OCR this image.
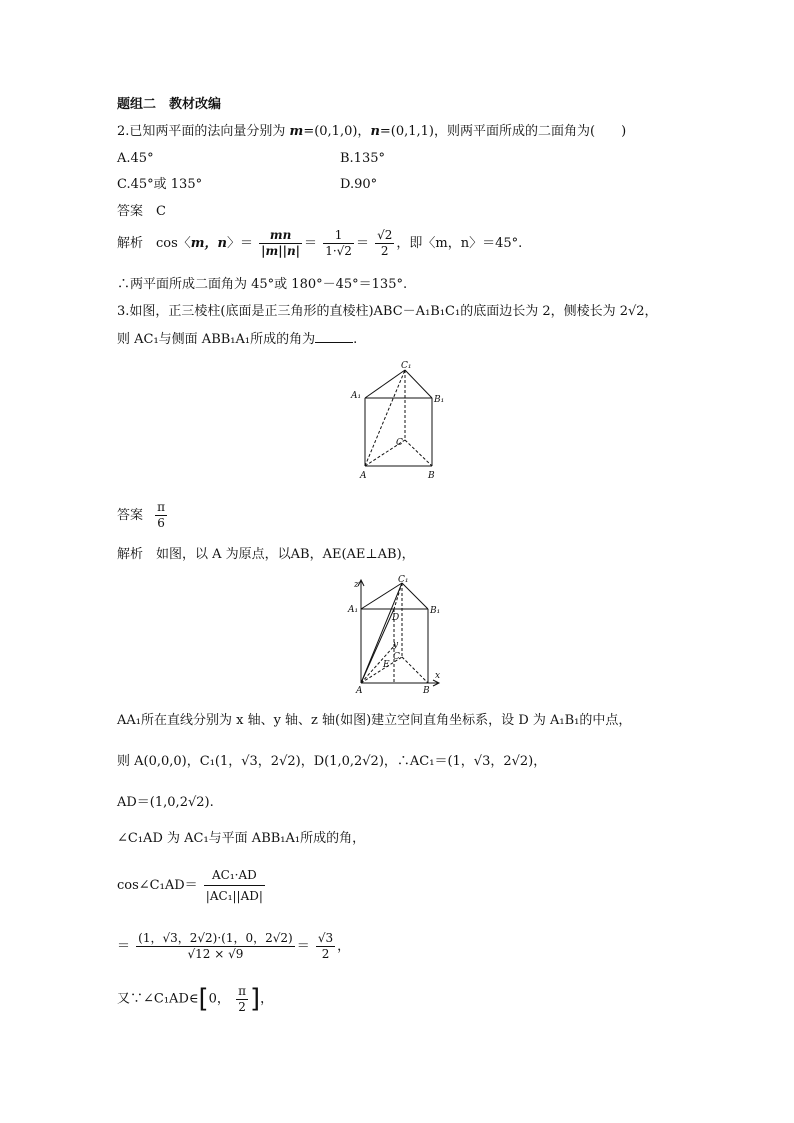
题组二　教材改编
2.已知两平面的法向量分别为 m=(0,1,0)，n=(0,1,1)，则两平面所成的二面角为(　　)
A.45°	B.135°
C.45°或 135°	D.90°
答案　C
解析　cos〈m，n〉＝ $\frac{mn}{|m||n|} = \frac{1}{1\cdot√2} = \frac{√2}{2}$ ，即〈m，n〉＝45°.
∴两平面所成二面角为 45°或 180°－45°＝135°.
3.如图，正三棱柱(底面是正三角形的直棱柱)ABC－A₁B₁C₁的底面边长为 2，侧棱长为 2√2，
则 AC₁与侧面 ABB₁A₁所成的角为	.
C₁
A₁	B₁
C
A	B
答案 $\frac{\pi}{6}$
解析　如图，以 A 为原点，以AB，AE(AE⊥AB)，
z	C₁
A₁	B₁
D
y
C
E
x
A	B
AA₁所在直线分别为 x 轴、y 轴、z 轴(如图)建立空间直角坐标系，设 D 为 A₁B₁的中点，
则 A(0,0,0)，C₁(1，√3，2√2)，D(1,0,2√2)，∴AC₁＝(1，√3，2√2)，
AD＝(1,0,2√2).
∠C₁AD 为 AC₁与平面 ABB₁A₁所成的角，
cos∠C₁AD＝ $\frac{\text{AC₁·AD}}{\text{|AC₁||AD|}}$
＝ $\frac{(1,√3,2√2)\cdot(1,0,2√2)}{√12 \times √9} = \frac{√3}{2}$ ，
又∵∠C₁AD∈[0， $\frac{\pi}{2}$ ]，
